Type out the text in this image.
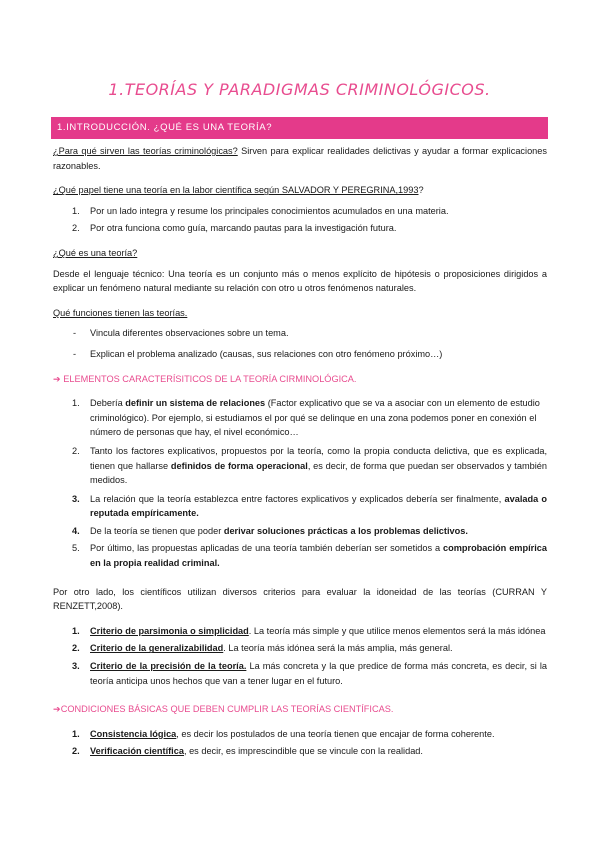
1.TEORÍAS Y PARADIGMAS CRIMINOLÓGICOS.
1.INTRODUCCIÓN. ¿QUÉ ES UNA TEORÍA?

¿Para qué sirven las teorías criminológicas? Sirven para explicar realidades delictivas y ayudar a formar explicaciones razonables.

¿Qué papel tiene una teoría en la labor científica según SALVADOR Y PEREGRINA,1993?

1. Por un lado integra y resume los principales conocimientos acumulados en una materia.
2. Por otra funciona como guía, marcando pautas para la investigación futura.

¿Qué es una teoría?

Desde el lenguaje técnico: Una teoría es un conjunto más o menos explícito de hipótesis o proposiciones dirigidos a explicar un fenómeno natural mediante su relación con otro u otros fenómenos naturales.

Qué funciones tienen las teorías.

- Vincula diferentes observaciones sobre un tema.
- Explican el problema analizado (causas, sus relaciones con otro fenómeno próximo…)

➔ ELEMENTOS CARACTERÍSITICOS DE LA TEORÍA CIRMINOLÓGICA.

1. Debería definir un sistema de relaciones (Factor explicativo que se va a asociar con un elemento de estudio criminológico). Por ejemplo, si estudiamos el por qué se delinque en una zona podemos poner en conexión el número de personas que hay, el nivel económico…
2. Tanto los factores explicativos, propuestos por la teoría, como la propia conducta delictiva, que es explicada, tienen que hallarse definidos de forma operacional, es decir, de forma que puedan ser observados y también medidos.
3. La relación que la teoría establezca entre factores explicativos y explicados debería ser finalmente, avalada o reputada empíricamente.
4. De la teoría se tienen que poder derivar soluciones prácticas a los problemas delictivos.
5. Por último, las propuestas aplicadas de una teoría también deberían ser sometidos a comprobación empírica en la propia realidad criminal.

Por otro lado, los científicos utilizan diversos criterios para evaluar la idoneidad de las teorías (CURRAN Y RENZETT,2008).

1. Criterio de parsimonia o simplicidad. La teoría más simple y que utilice menos elementos será la más idónea
2. Criterio de la generalizabilidad. La teoría más idónea será la más amplia, más general.
3. Criterio de la precisión de la teoría. La más concreta y la que predice de forma más concreta, es decir, si la teoría anticipa unos hechos que van a tener lugar en el futuro.

➔CONDICIONES BÁSICAS QUE DEBEN CUMPLIR LAS TEORÍAS CIENTÍFICAS.

1. Consistencia lógica, es decir los postulados de una teoría tienen que encajar de forma coherente.
2. Verificación científica, es decir, es imprescindible que se vincule con la realidad.
